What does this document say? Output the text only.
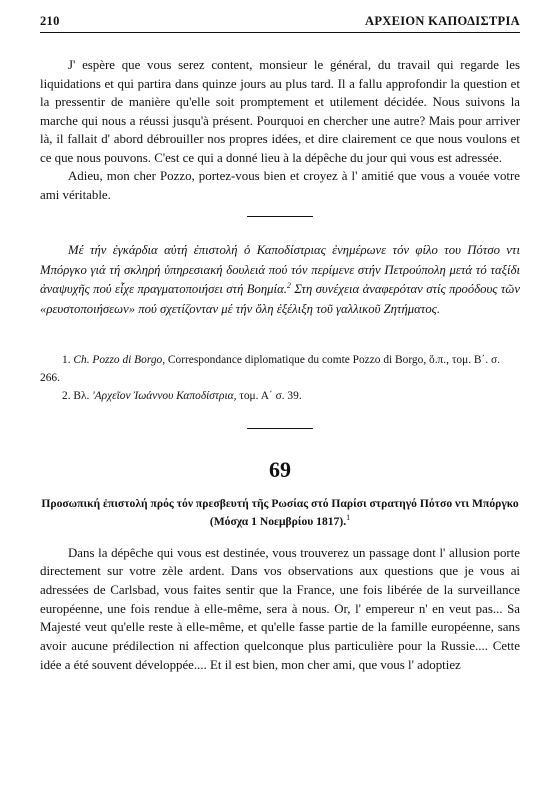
210	ΑΡΧΕΙΟΝ ΚΑΠΟΔΙΣΤΡΙΑ

J' espère que vous serez content, monsieur le général, du travail qui regarde les liquidations et qui partira dans quinze jours au plus tard. Il a fallu approfondir la question et la pressentir de manière qu'elle soit promptement et utilement décidée. Nous suivons la marche qui nous a réussi jusqu'à présent. Pourquoi en chercher une autre? Mais pour arriver là, il fallait d' abord débrouiller nos propres idées, et dire clairement ce que nous voulons et ce que nous pouvons. C'est ce qui a donné lieu à la dépêche du jour qui vous est adressée.

Adieu, mon cher Pozzo, portez-vous bien et croyez à l' amitié que vous a vouée votre ami véritable.

Μέ τήν ἐγκάρδια αὐτή ἐπιστολή ὁ Καποδίστριας ἐνημέρωνε τόν φίλο του Πότσο ντι Μπόργκο γιά τή σκληρή ὑπηρεσιακή δουλειά πού τόν περίμενε στήν Πετρούπολη μετά τό ταξίδι ἀναψυχῆς πού εἶχε πραγματοποιήσει στή Βοημία.$^2$ Στη συνέχεια ἀναφερόταν στίς προόδους τῶν «ρευστοποιήσεων» πού σχετίζονταν μέ τήν ὅλη ἐξέλιξη τοῦ γαλλικοῦ Ζητήματος.

1. Ch. Pozzo di Borgo, Correspondance diplomatique du comte Pozzo di Borgo, ὅ.π., τομ. Β΄. σ. 266.

2. Βλ. 'Αρχεῖον Ἰωάννου Καποδίστρια, τομ. Α΄ σ. 39.

69
Προσωπική ἐπιστολή πρός τόν πρεσβευτή τῆς Ρωσίας στό Παρίσι στρατηγό Πότσο ντι Μπόργκο
(Μόσχα 1 Νοεμβρίου 1817).$^1$

Dans la dépêche qui vous est destinée, vous trouverez un passage dont l' allusion porte directement sur votre zèle ardent. Dans vos observations aux questions que je vous ai adressées de Carlsbad, vous faites sentir que la France, une fois libérée de la surveillance européenne, une fois rendue à elle-même, sera à nous. Or, l' empereur n' en veut pas... Sa Majesté veut qu'elle reste à elle-même, et qu'elle fasse partie de la famille européenne, sans avoir aucune prédilection ni affection quelconque plus particulière pour la Russie.... Cette idée a été souvent développée.... Et il est bien, mon cher ami, que vous l' adoptiez
